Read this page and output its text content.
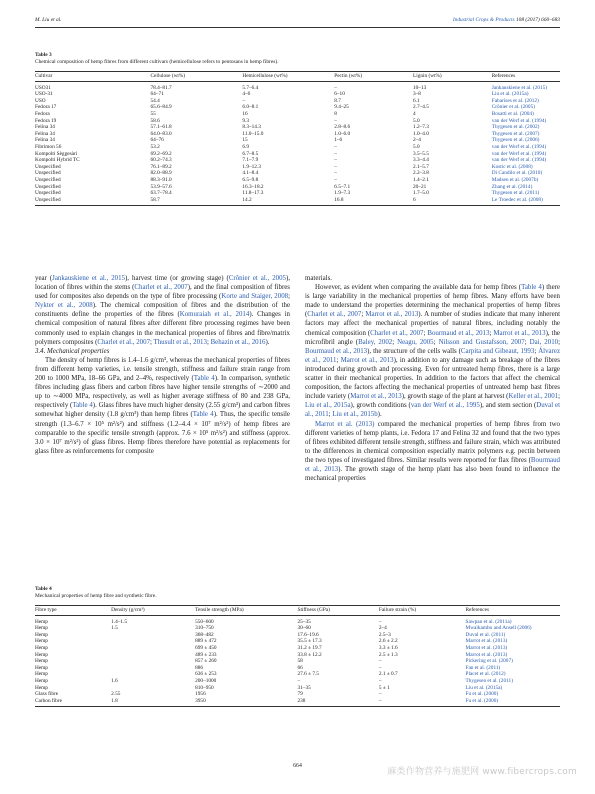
M. Liu et al.	Industrial Crops & Products 108 (2017) 660–683
Table 3
Chemical composition of hemp fibres from different cultivars (hemicellulose refers to pentosans in hemp fibres).
Cultivar	Cellulose (wt%)	Hemicellulose (wt%)	Pectin (wt%)	Lignin (wt%)	References
USO31	78.4–81.7	5.7–6.4	–	10–13	Jankauskiene et al. (2015)
USO-31	64–71	4–6	6–10	3–8	Liu et al. (2015a)
USO	54.4	–	8.7	6.1	Fabarises et al. (2012)
Fedora 17	65.6–84.9	6.0–8.1	9.4–25	2.7–4.5	Crônier et al. (2005)
Fedora	55	16	8	4	Bosatti et al. (2004)
Fedora 19	58.6	9.3	–	5.0	van der Werf et al. (1994)
Felina 34	57.1–61.8	8.3–14.3	2.8–8.6	1.2–7.3	Thygesen et al. (2002)
Felina 34	64.0–83.0	11.0–15.0	1.0–6.0	1.0–4.0	Thygesen et al. (2007)
Felina 34	64–76	15	1–6	2–4	Thygesen et al. (2006)
Fibrimon 56	53.2	6.9	–	5.0	van der Werf et al. (1994)
Kompolti Sèggesàri	69.2–69.2	6.7–8.5	–	3.5–5.5	van der Werf et al. (1994)
Kompolti Hybrid TC	60.2–74.3	7.1–7.9	–	3.3–4.4	van der Werf et al. (1994)
Unspecified	76.1–89.2	1.9–12.3	–	2.1–5.7	Kostic et al. (2008)
Unspecified	82.0–88.9	4.1–8.4	–	2.2–3.8	Di Candilo et al. (2010)
Unspecified	88.3–91.0	6.5–9.8	–	1.4–2.1	Madsen et al. (2007b)
Unspecified	53.9–57.6	16.3–18.2	6.5–7.1	20–21	Zhang et al. (2014)
Unspecified	63.7–78.4	11.8–17.3	1.9–7.3	1.7–5.0	Thygesen et al. (2011)
Unspecified	58.7	14.2	16.8	6	Le Troedec et al. (2008)

year (Jankauskiene et al., 2015), harvest time (or growing stage) (Crônier et al., 2005), location of fibres within the stems (Charlet et al., 2007), and the final composition of fibres used for composites also depends on the type of fibre processing (Korte and Staiger, 2008; Nykter et al., 2008). The chemical composition of fibres and the distribution of the constituents define the properties of the fibres (Komuraiah et al., 2014). Changes in chemical composition of natural fibres after different fibre processing regimes have been commonly used to explain changes in the mechanical properties of fibres and fibre/matrix polymers composites (Charlet et al., 2007; Thusult et al., 2013; Behazin et al., 2016).

3.4. Mechanical properties

The density of hemp fibres is 1.4–1.6 g/cm³, whereas the mechanical properties of fibres from different hemp varieties, i.e. tensile strength, stiffness and failure strain range from 200 to 1000 MPa, 18–66 GPa, and 2–4%, respectively (Table 4). In comparison, synthetic fibres including glass fibers and carbon fibres have higher tensile strengths of ∼2000 and up to ∼4000 MPa, respectively, as well as higher average stiffness of 80 and 238 GPa, respectively (Table 4). Glass fibres have much higher density (2.55 g/cm³) and carbon fibres somewhat higher density (1.8 g/cm³) than hemp fibres (Table 4). Thus, the specific tensile strength (1.3–6.7 × 10⁵ m²/s²) and stiffness (1.2–4.4 × 10⁷ m²/s²) of hemp fibres are comparable to the specific tensile strength (approx. 7.6 × 10⁵ m²/s²) and stiffness (approx. 3.0 × 10⁷ m²/s²) of glass fibres. Hemp fibres therefore have potential as replacements for glass fibre as reinforcements for composite

materials.

However, as evident when comparing the available data for hemp fibres (Table 4) there is large variability in the mechanical properties of hemp fibres. Many efforts have been made to understand the properties determining the mechanical properties of hemp fibres (Charlet et al., 2007; Marrot et al., 2013). A number of studies indicate that many inherent factors may affect the mechanical properties of natural fibres, including notably the chemical composition (Charlet et al., 2007; Bourmaud et al., 2013; Marrot et al., 2013), the microfibril angle (Baley, 2002; Neagu, 2005; Nilsson and Gustafsson, 2007; Dai, 2010; Bourmaud et al., 2013), the structure of the cells walls (Carpita and Gibeaut, 1993; Álvarez et al., 2011; Marrot et al., 2013), in addition to any damage such as breakage of the fibres introduced during growth and processing. Even for untreated hemp fibres, there is a large scatter in their mechanical properties. In addition to the factors that affect the chemical composition, the factors affecting the mechanical properties of untreated hemp bast fibres include variety (Marrot et al., 2013), growth stage of the plant at harvest (Keller et al., 2001; Liu et al., 2015a), growth conditions (van der Werf et al., 1995), and stem section (Duval et al., 2011; Liu et al., 2015b).

Marrot et al. (2013) compared the mechanical properties of hemp fibres from two different varieties of hemp plants, i.e. Fedora 17 and Felina 32 and found that the two types of fibres exhibited different tensile strength, stiffness and failure strain, which was attributed to the differences in chemical composition especially matrix polymers e.g. pectin between the two types of investigated fibres. Similar results were reported for flax fibres (Bourmaud et al., 2013). The growth stage of the hemp plant has also been found to influence the mechanical properties

Table 4
Mechanical properties of hemp fibre and synthetic fibre.
Fibre type	Density (g/cm³)	Tensile strength (MPa)	Stiffness (GPa)	Failure strain (%)	References
Hemp	1.4–1.5	550–600	25–35	–	Sawpan et al. (2011a)
Hemp	1.5	310–750	30–60	2–4	Mwaikambo and Ansell (2006)
Hemp		368–482	17.6–19.6	2.5–3	Duval et al. (2011)
Hemp		889 ± 472	35.5 ± 17.3	2.6 ± 2.2	Marrot et al. (2013)
Hemp		699 ± 450	31.2 ± 19.7	3.3 ± 1.6	Marrot et al. (2013)
Hemp		489 ± 233	33.8 ± 12.2	2.5 ± 1.3	Marrot et al. (2013)
Hemp		857 ± 260	58	–	Pickering et al. (2007)
Hemp		886	66	–	Fan et al. (2011)
Hemp		636 ± 253	27.6 ± 7.5	2.1 ± 0.7	Placet et al. (2012)
Hemp	1.6	200–1000	–	–	Thygesen et al. (2011)
Hemp		810–950	31–35	5 ± 1	Liu et al. (2015a)
Glass fibre	2.55	1956	79	–	Fu et al. (2000)
Carbon fibre	1.8	3950	238	–	Fu et al. (2000)
664
麻类作物营养与施肥网 www.fibercrops.com
